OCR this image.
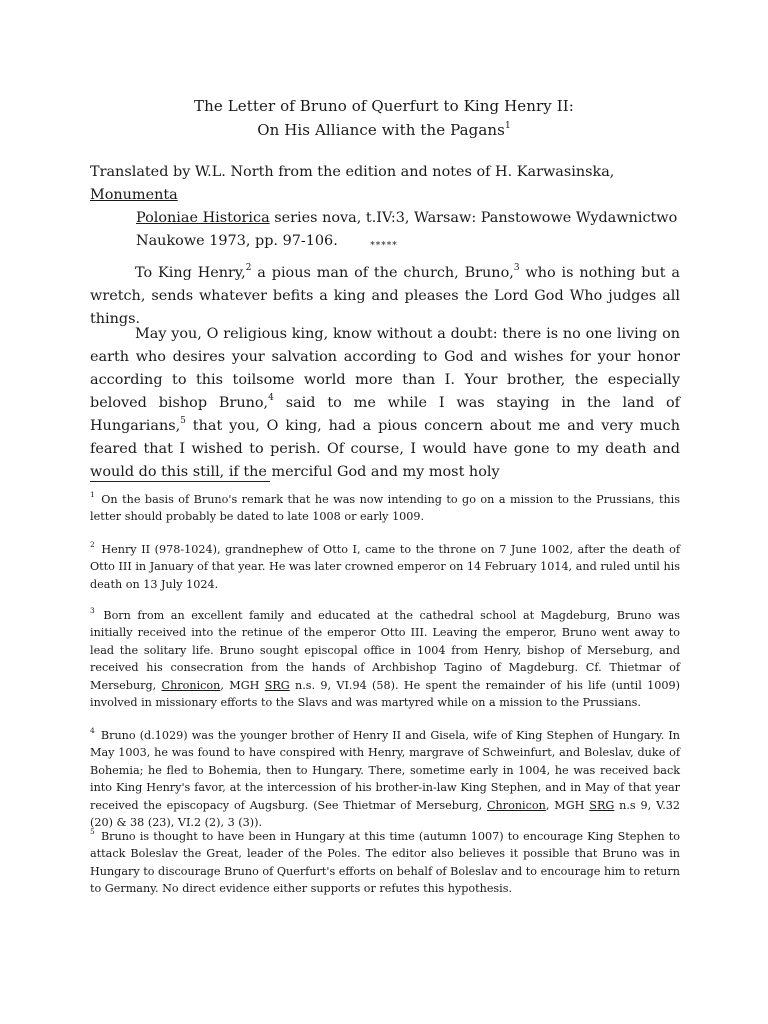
The Letter of Bruno of Querfurt to King Henry II:
On His Alliance with the Pagans$^1$
Translated by W.L. North from the edition and notes of H. Karwasinska, Monumenta
Poloniae Historica series nova, t.IV:3, Warsaw: Panstowowe Wydawnictwo
Naukowe 1973, pp. 97-106.	*****
To King Henry,$^2$ a pious man of the church, Bruno,$^3$ who is nothing but a wretch, sends whatever befits a king and pleases the Lord God Who judges all things.
May you, O religious king, know without a doubt: there is no one living on earth who desires your salvation according to God and wishes for your honor according to this toilsome world more than I. Your brother, the especially beloved bishop Bruno,$^4$ said to me while I was staying in the land of Hungarians,$^5$ that you, O king, had a pious concern about me and very much feared that I wished to perish. Of course, I would have gone to my death and would do this still, if the merciful God and my most holy
$^1$ On the basis of Bruno's remark that he was now intending to go on a mission to the Prussians, this letter should probably be dated to late 1008 or early 1009.
$^2$ Henry II (978-1024), grandnephew of Otto I, came to the throne on 7 June 1002, after the death of Otto III in January of that year. He was later crowned emperor on 14 February 1014, and ruled until his death on 13 July 1024.
$^3$ Born from an excellent family and educated at the cathedral school at Magdeburg, Bruno was initially received into the retinue of the emperor Otto III. Leaving the emperor, Bruno went away to lead the solitary life. Bruno sought episcopal office in 1004 from Henry, bishop of Merseburg, and received his consecration from the hands of Archbishop Tagino of Magdeburg. Cf. Thietmar of Merseburg, Chronicon, MGH SRG n.s. 9, VI.94 (58). He spent the remainder of his life (until 1009) involved in missionary efforts to the Slavs and was martyred while on a mission to the Prussians.
$^4$ Bruno (d.1029) was the younger brother of Henry II and Gisela, wife of King Stephen of Hungary. In May 1003, he was found to have conspired with Henry, margrave of Schweinfurt, and Boleslav, duke of Bohemia; he fled to Bohemia, then to Hungary. There, sometime early in 1004, he was received back into King Henry's favor, at the intercession of his brother-in-law King Stephen, and in May of that year received the episcopacy of Augsburg. (See Thietmar of Merseburg, Chronicon, MGH SRG n.s 9, V.32 (20) & 38 (23), VI.2 (2), 3 (3)).
$^5$ Bruno is thought to have been in Hungary at this time (autumn 1007) to encourage King Stephen to attack Boleslav the Great, leader of the Poles. The editor also believes it possible that Bruno was in Hungary to discourage Bruno of Querfurt's efforts on behalf of Boleslav and to encourage him to return to Germany. No direct evidence either supports or refutes this hypothesis.
